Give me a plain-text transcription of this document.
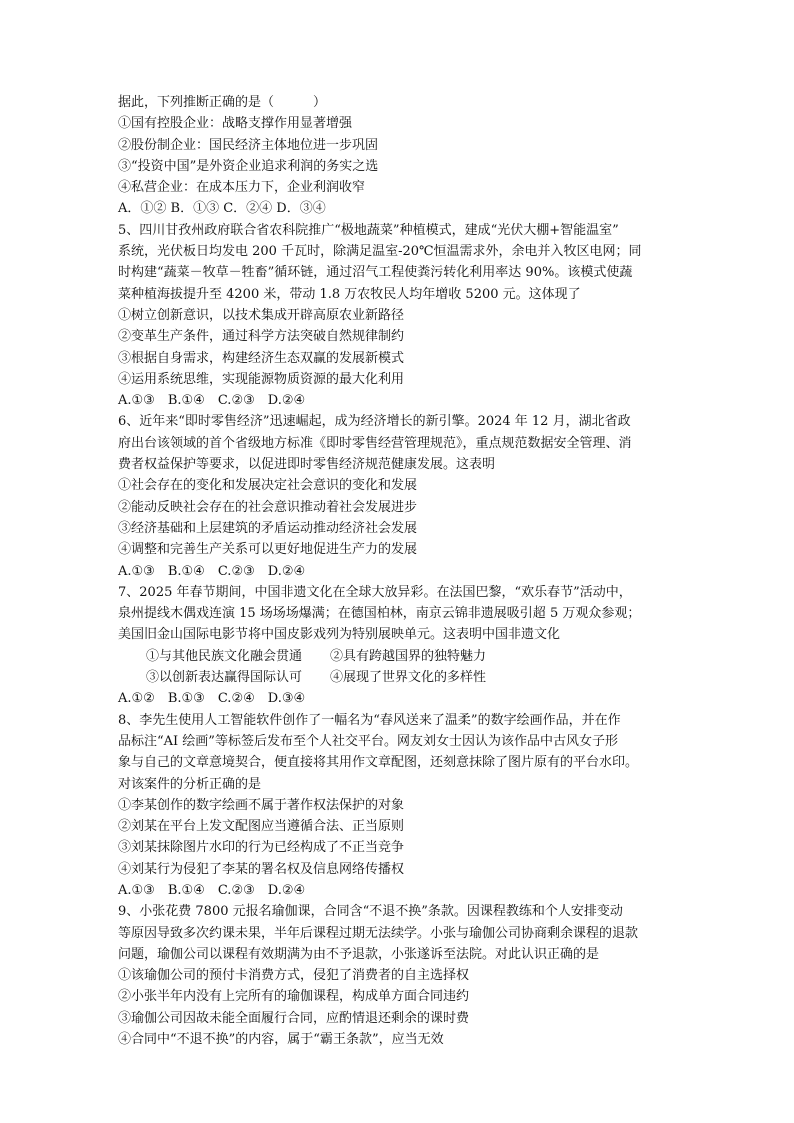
据此，下列推断正确的是（　　　）
①国有控股企业：战略支撑作用显著增强
②股份制企业：国民经济主体地位进一步巩固
③“投资中国”是外资企业追求利润的务实之选
④私营企业：在成本压力下，企业利润收窄
A．①② B．①③ C．②④ D．③④
5、四川甘孜州政府联合省农科院推广“极地蔬菜”种植模式，建成“光伏大棚+智能温室”
系统，光伏板日均发电 200 千瓦时，除满足温室-20℃恒温需求外，余电并入牧区电网；同
时构建“蔬菜－牧草－牲畜”循环链，通过沼气工程使粪污转化利用率达 90%。该模式使蔬
菜种植海拔提升至 4200 米，带动 1.8 万农牧民人均年增收 5200 元。这体现了
①树立创新意识，以技术集成开辟高原农业新路径
②变革生产条件，通过科学方法突破自然规律制约
③根据自身需求，构建经济生态双赢的发展新模式
④运用系统思维，实现能源物质资源的最大化利用
A.①③　B.①④　C.②③　D.②④
6、近年来“即时零售经济”迅速崛起，成为经济增长的新引擎。2024 年 12 月，湖北省政
府出台该领域的首个省级地方标准《即时零售经营管理规范》，重点规范数据安全管理、消
费者权益保护等要求，以促进即时零售经济规范健康发展。这表明
①社会存在的变化和发展决定社会意识的变化和发展
②能动反映社会存在的社会意识推动着社会发展进步
③经济基础和上层建筑的矛盾运动推动经济社会发展
④调整和完善生产关系可以更好地促进生产力的发展
A.①③　B.①④　C.②③　D.②④
7、2025 年春节期间，中国非遗文化在全球大放异彩。在法国巴黎，“欢乐春节”活动中，
泉州提线木偶戏连演 15 场场场爆满；在德国柏林，南京云锦非遗展吸引超 5 万观众参观；
美国旧金山国际电影节将中国皮影戏列为特别展映单元。这表明中国非遗文化
①与其他民族文化融会贯通 ②具有跨越国界的独特魅力
③以创新表达赢得国际认可 ④展现了世界文化的多样性
A.①②　B.①③　C.②④　D.③④
8、李先生使用人工智能软件创作了一幅名为“春风送来了温柔”的数字绘画作品，并在作
品标注“AI 绘画”等标签后发布至个人社交平台。网友刘女士因认为该作品中古风女子形
象与自己的文章意境契合，便直接将其用作文章配图，还刻意抹除了图片原有的平台水印。
对该案件的分析正确的是
①李某创作的数字绘画不属于著作权法保护的对象
②刘某在平台上发文配图应当遵循合法、正当原则
③刘某抹除图片水印的行为已经构成了不正当竞争
④刘某行为侵犯了李某的署名权及信息网络传播权
A.①③　B.①④　C.②③　D.②④
9、小张花费 7800 元报名瑜伽课，合同含“不退不换”条款。因课程教练和个人安排变动
等原因导致多次约课未果，半年后课程过期无法续学。小张与瑜伽公司协商剩余课程的退款
问题，瑜伽公司以课程有效期满为由不予退款，小张遂诉至法院。对此认识正确的是
①该瑜伽公司的预付卡消费方式，侵犯了消费者的自主选择权
②小张半年内没有上完所有的瑜伽课程，构成单方面合同违约
③瑜伽公司因故未能全面履行合同，应酌情退还剩余的课时费
④合同中“不退不换”的内容，属于“霸王条款”，应当无效
